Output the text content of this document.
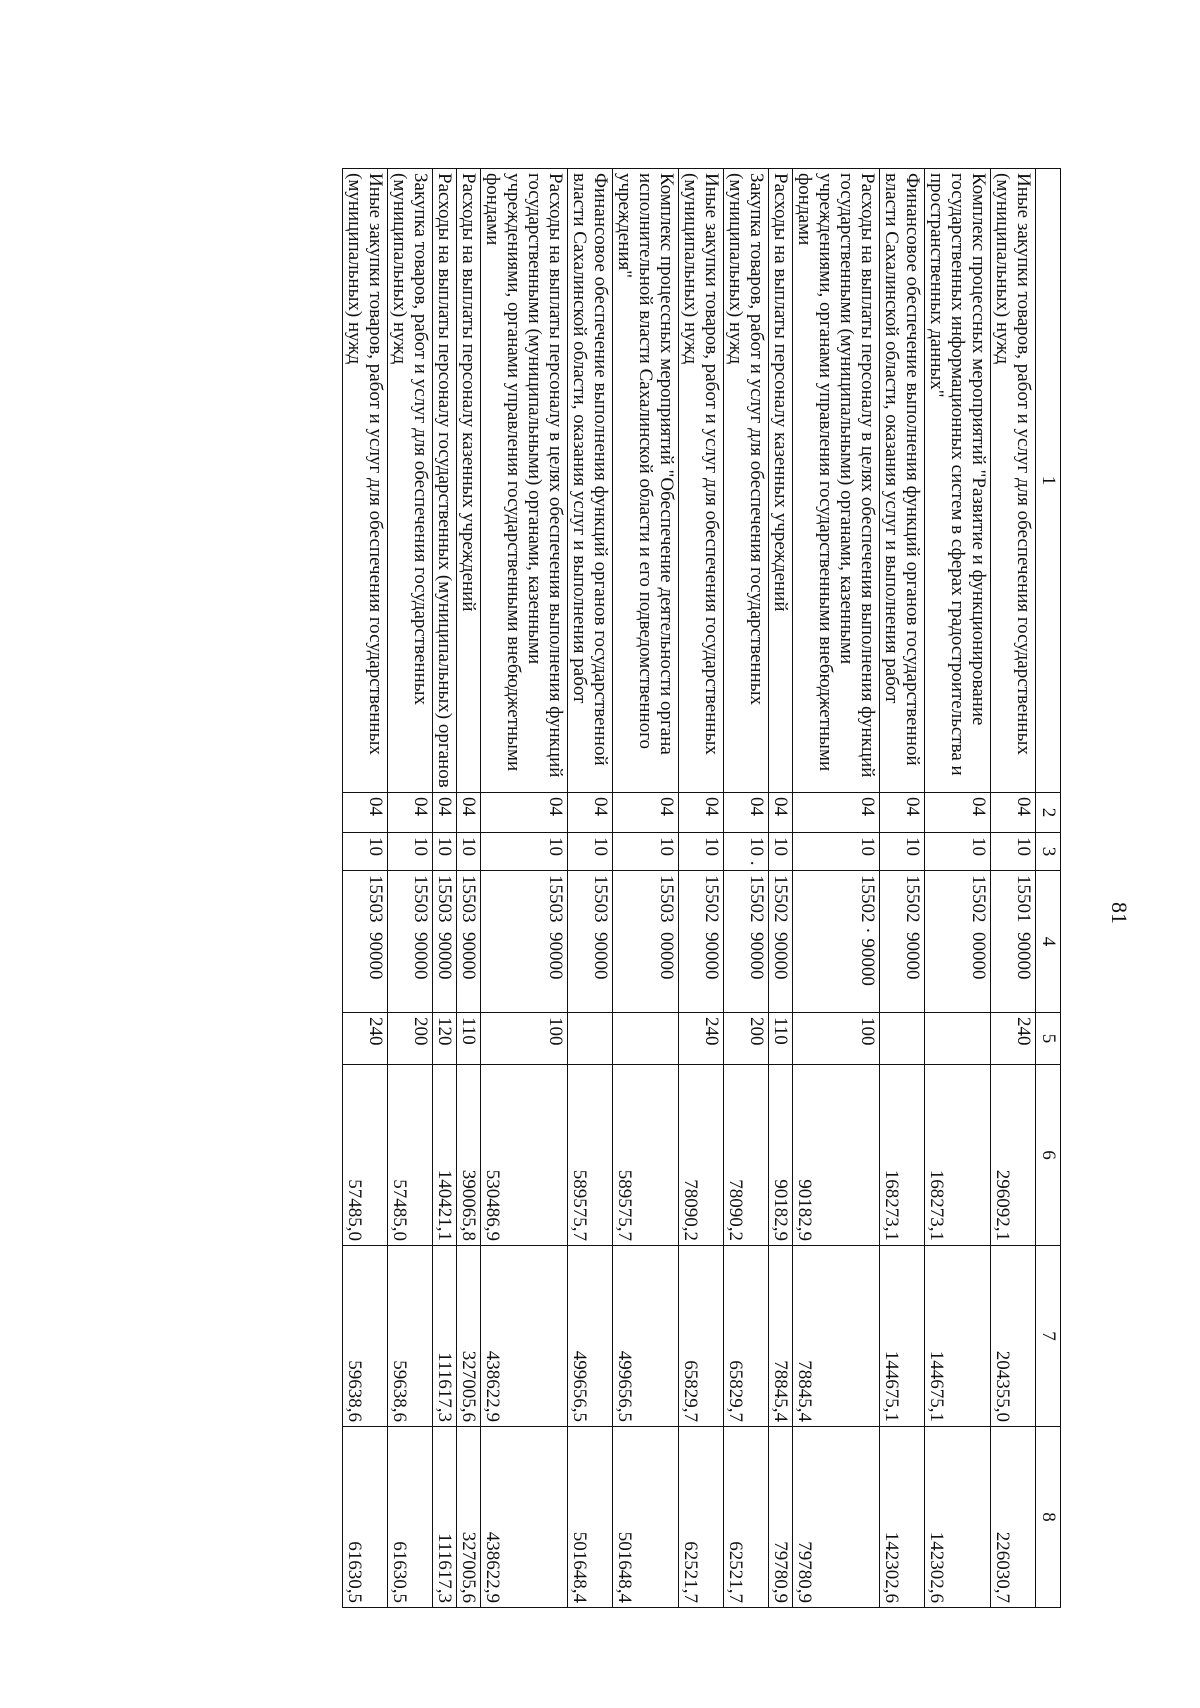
81
1	2	3	4	5	6	7	8
Иные закупки товаров, работ и услуг для обеспечения государственных (муниципальных) нужд	04	10	15501  90000	240	296092,1	204355,0	226030,7
Комплекс процессных мероприятий "Развитие и функционирование государственных информационных систем в сферах градостроительства и пространственных данных"	04	10	15502  00000		168273,1	144675,1	142302,6
Финансовое обеспечение выполнения функций органов государственной власти Сахалинской области, оказания услуг и выполнения работ	04	10	15502  90000		168273,1	144675,1	142302,6
Расходы на выплаты персоналу в целях обеспечения выполнения функций государственными (муниципальными) органами, казенными учреждениями, органами управления государственными внебюджетными фондами	04	10	15502 · 90000	100	90182,9	78845,4	79780,9
Расходы на выплаты персоналу казенных учреждений	04	10	15502  90000	110	90182,9	78845,4	79780,9
Закупка товаров, работ и услуг для обеспечения государственных (муниципальных) нужд	04	10 .	15502  90000	200	78090,2	65829,7	62521,7
Иные закупки товаров, работ и услуг для обеспечения государственных (муниципальных) нужд	04	10	15502  90000	240	78090,2	65829,7	62521,7
Комплекс процессных мероприятий "Обеспечение деятельности органа исполнительной власти Сахалинской области и его подведомственного учреждения"	04	10	15503  00000		589575,7	499656,5	501648,4
Финансовое обеспечение выполнения функций органов государственной власти Сахалинской области, оказания услуг и выполнения работ	04	10	15503  90000		589575,7	499656,5	501648,4
Расходы на выплаты персоналу в целях обеспечения выполнения функций государственными (муниципальными) органами, казенными учреждениями, органами управления государственными внебюджетными фондами	04	10	15503  90000	100	530486,9	438622,9	438622,9
Расходы на выплаты персоналу казенных учреждений	04	10	15503  90000	110	390065,8	327005,6	327005,6
Расходы на выплаты персоналу государственных (муниципальных) органов	04	10	15503  90000	120	140421,1	111617,3	111617,3
Закупка товаров, работ и услуг для обеспечения государственных (муниципальных) нужд	04	10	15503  90000	200	57485,0	59638,6	61630,5
Иные закупки товаров, работ и услуг для обеспечения государственных (муниципальных) нужд	04	10	15503  90000	240	57485,0	59638,6	61630,5
